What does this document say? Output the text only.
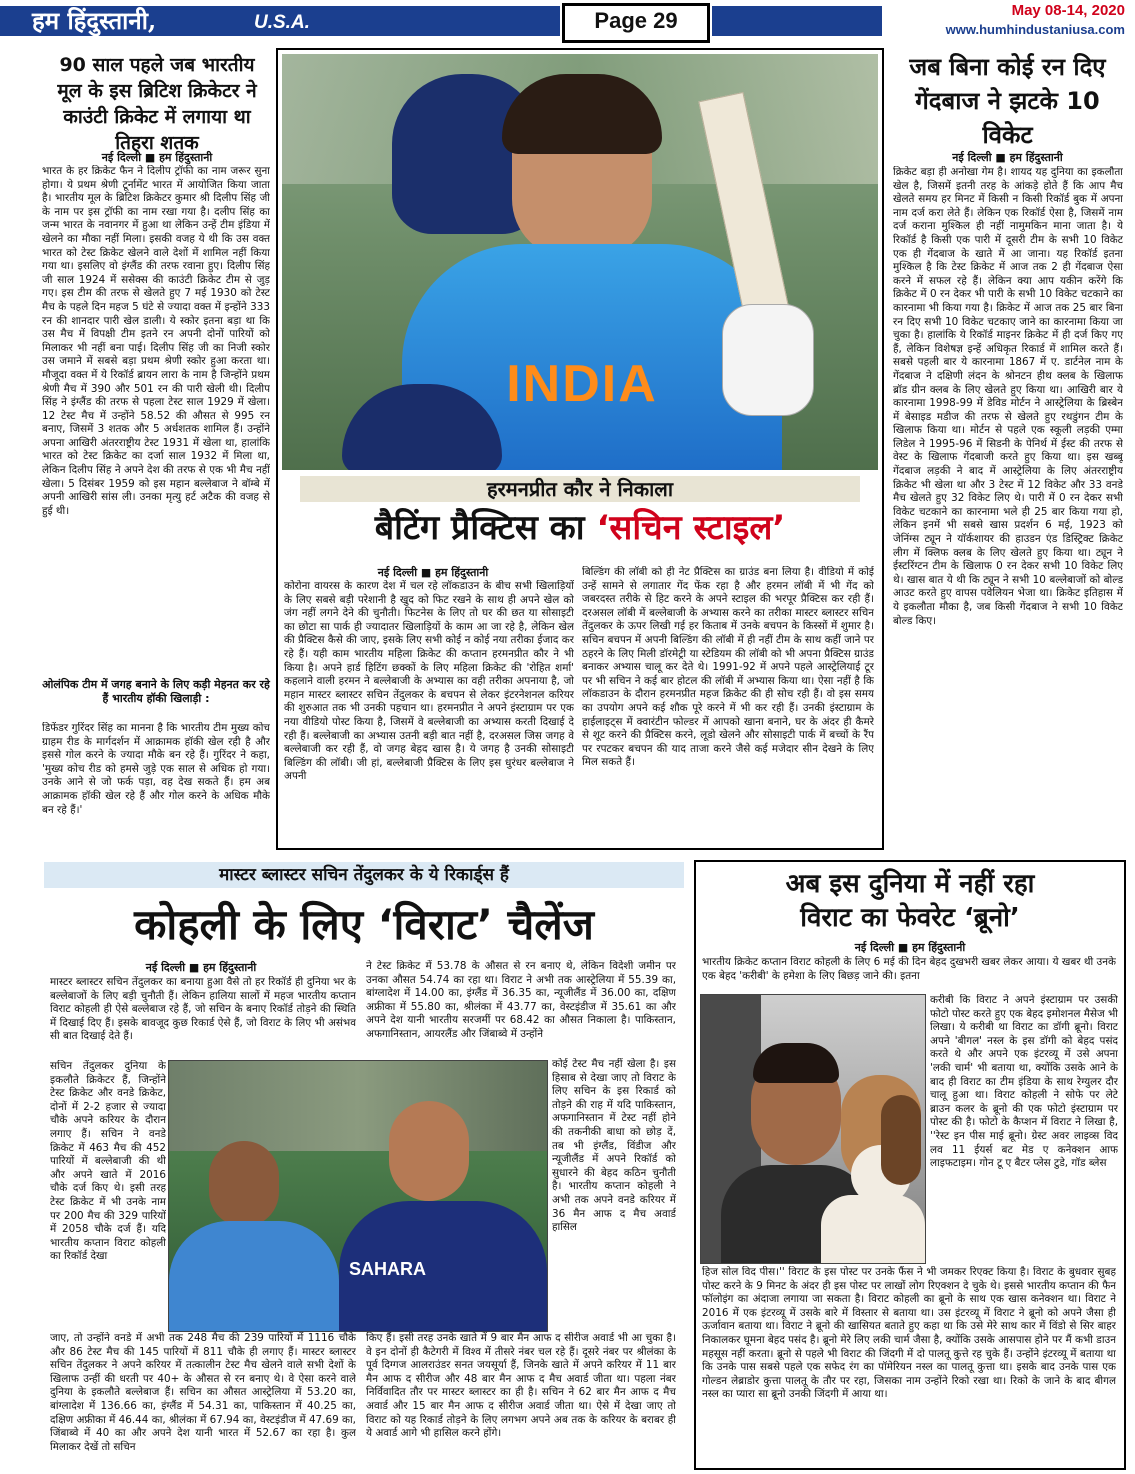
हम हिंदुस्तानी,	U.S.A.	Page 29	May 08-14, 2020
www.humhindustaniusa.com
90 साल पहले जब भारतीय मूल के इस ब्रिटिश क्रिकेटर ने काउंटी क्रिकेट में लगाया था तिहरा शतक
नई दिल्ली ■ हम हिंदुस्तानी
भारत के हर क्रिकेट फैन ने दिलीप ट्रॉफी का नाम जरूर सुना होगा। ये प्रथम श्रेणी टूर्नामेंट भारत में आयोजित किया जाता है। भारतीय मूल के ब्रिटिश क्रिकेटर कुमार श्री दिलीप सिंह जी के नाम पर इस ट्रॉफी का नाम रखा गया है। दलीप सिंह का जन्म भारत के नवानगर में हुआ था लेकिन उन्हें टीम इंडिया में खेलने का मौका नहीं मिला। इसकी वजह ये थी कि उस वक्त भारत को टेस्ट क्रिकेट खेलने वाले देशों में शामिल नहीं किया गया था। इसलिए वो इंग्लैंड की तरफ रवाना हुए। दिलीप सिंह जी साल 1924 में ससेक्स की काउंटी क्रिकेट टीम से जुड़ गए। इस टीम की तरफ से खेलते हुए 7 मई 1930 को टेस्ट मैच के पहले दिन महज 5 घंटे से ज्यादा वक्त में इन्होंने 333 रन की शानदार पारी खेल डाली। ये स्कोर इतना बड़ा था कि उस मैच में विपक्षी टीम इतने रन अपनी दोनों पारियों को मिलाकर भी नहीं बना पाई। दिलीप सिंह जी का निजी स्कोर उस जमाने में सबसे बड़ा प्रथम श्रेणी स्कोर हुआ करता था। मौजूदा वक्त में ये रिकॉर्ड ब्रायन लारा के नाम है जिन्होंने प्रथम श्रेणी मैच में 390 और 501 रन की पारी खेली थी। दिलीप सिंह ने इंग्लैंड की तरफ से पहला टेस्ट साल 1929 में खेला। 12 टेस्ट मैच में उन्होंने 58.52 की औसत से 995 रन बनाए, जिसमें 3 शतक और 5 अर्धशतक शामिल हैं। उन्होंने अपना आखिरी अंतरराष्ट्रीय टेस्ट 1931 में खेला था, हालांकि भारत को टेस्ट क्रिकेट का दर्जा साल 1932 में मिला था, लेकिन दिलीप सिंह ने अपने देश की तरफ से एक भी मैच नहीं खेला। 5 दिसंबर 1959 को इस महान बल्लेबाज ने बॉम्बे में अपनी आखिरी सांस ली। उनका मृत्यु हर्ट अटैक की वजह से हुई थी।
ओलंपिक टीम में जगह बनाने के लिए कड़ी मेहनत कर रहे हैं भारतीय हॉकी खिलाड़ी :
डिफेंडर गुरिंदर सिंह का मानना है कि भारतीय टीम मुख्य कोच ग्राहम रीड के मार्गदर्शन में आक्रामक हॉकी खेल रही है और इससे गोल करने के ज्यादा मौके बन रहे हैं। गुरिंदर ने कहा, 'मुख्य कोच रीड को हमसे जुड़े एक साल से अधिक हो गया। उनके आने से जो फर्क पड़ा, वह देख सकते हैं। हम अब आक्रामक हॉकी खेल रहे हैं और गोल करने के अधिक मौके बन रहे हैं।'
INDIA
हरमनप्रीत कौर ने निकाला
बैटिंग प्रैक्टिस का ‘सचिन स्टाइल’
नई दिल्ली ■ हम हिंदुस्तानी
कोरोना वायरस के कारण देश में चल रहे लॉकडाउन के बीच सभी खिलाड़ियों के लिए सबसे बड़ी परेशानी है खुद को फिट रखने के साथ ही अपने खेल को जंग नहीं लगने देने की चुनौती। फिटनेस के लिए तो घर की छत या सोसाइटी का छोटा सा पार्क ही ज्यादातर खिलाड़ियों के काम आ जा रहे है, लेकिन खेल की प्रैक्टिस कैसे की जाए, इसके लिए सभी कोई न कोई नया तरीका ईजाद कर रहे हैं। यही काम भारतीय महिला क्रिकेट की कप्तान हरमनप्रीत कौर ने भी किया है। अपने हार्ड हिटिंग छक्कों के लिए महिला क्रिकेट की 'रोहित शर्मा' कहलाने वाली हरमन ने बल्लेबाजी के अभ्यास का वही तरीका अपनाया है, जो महान मास्टर ब्लास्टर सचिन तेंदुलकर के बचपन से लेकर इंटरनेशनल करियर की शुरुआत तक भी उनकी पहचान था। हरमनप्रीत ने अपने इंस्टाग्राम पर एक नया वीडियो पोस्ट किया है, जिसमें वे बल्लेबाजी का अभ्यास करती दिखाई दे रही हैं। बल्लेबाजी का अभ्यास उतनी बड़ी बात नहीं है, दरअसल जिस जगह वे बल्लेबाजी कर रही हैं, वो जगह बेहद खास है। ये जगह है उनकी सोसाइटी बिल्डिंग की लॉबी। जी हां, बल्लेबाजी प्रैक्टिस के लिए इस धुरंधर बल्लेबाज ने अपनी
बिल्डिंग की लॉबी को ही नेट प्रैक्टिस का ग्राउंड बना लिया है। वीडियो में कोई उन्हें सामने से लगातार गेंद फेंक रहा है और हरमन लॉबी में भी गेंद को जबरदस्त तरीके से हिट करने के अपने स्टाइल की भरपूर प्रैक्टिस कर रही हैं। दरअसल लॉबी में बल्लेबाजी के अभ्यास करने का तरीका मास्टर ब्लास्टर सचिन तेंदुलकर के ऊपर लिखी गई हर किताब में उनके बचपन के किस्सों में शुमार है। सचिन बचपन में अपनी बिल्डिंग की लॉबी में ही नहीं टीम के साथ कहीं जाने पर ठहरने के लिए मिली डॉरमेट्री या स्टेडियम की लॉबी को भी अपना प्रैक्टिस ग्राउंड बनाकर अभ्यास चालू कर देते थे। 1991-92 में अपने पहले आस्ट्रेलियाई टूर पर भी सचिन ने कई बार होटल की लॉबी में अभ्यास किया था। ऐसा नहीं है कि लॉकडाउन के दौरान हरमनप्रीत महज क्रिकेट की ही सोच रही हैं। वो इस समय का उपयोग अपने कई शौक पूरे करने में भी कर रही हैं। उनकी इंस्टाग्राम के हाईलाइट्स में क्वारंटीन फोल्डर में आपको खाना बनाने, घर के अंदर ही कैमरे से शूट करने की प्रैक्टिस करने, लूडो खेलने और सोसाइटी पार्क में बच्चों के रैंप पर रपटकर बचपन की याद ताजा करने जैसे कई मजेदार सीन देखने के लिए मिल सकते हैं।
जब बिना कोई रन दिए गेंदबाज ने झटके 10 विकेट
नई दिल्ली ■ हम हिंदुस्तानी
क्रिकेट बड़ा ही अनोखा गेम है। शायद यह दुनिया का इकलौता खेल है, जिसमें इतनी तरह के आंकड़े होते हैं कि आप मैच खेलते समय हर मिनट में किसी न किसी रिकॉर्ड बुक में अपना नाम दर्ज करा लेते हैं। लेकिन एक रिकॉर्ड ऐसा है, जिसमें नाम दर्ज कराना मुश्किल ही नहीं नामुमकिन माना जाता है। ये रिकॉर्ड है किसी एक पारी में दूसरी टीम के सभी 10 विकेट एक ही गेंदबाज के खाते में आ जाना। यह रिकॉर्ड इतना मुश्किल है कि टेस्ट क्रिकेट में आज तक 2 ही गेंदबाज ऐसा करने में सफल रहे हैं। लेकिन क्या आप यकीन करेंगे कि क्रिकेट में 0 रन देकर भी पारी के सभी 10 विकेट चटकाने का कारनामा भी किया गया है। क्रिकेट में आज तक 25 बार बिना रन दिए सभी 10 विकेट चटकाए जाने का कारनामा किया जा चुका है। हालांकि ये रिकॉर्ड माइनर क्रिकेट में ही दर्ज किए गए हैं, लेकिन विशेषज्ञ इन्हें अधिकृत रिकार्ड में शामिल करते हैं। सबसे पहली बार ये कारनामा 1867 में ए. डार्टनेल नाम के गेंदबाज ने दक्षिणी लंदन के श्रोनटन हीथ क्लब के खिलाफ ब्रॉड ग्रीन क्लब के लिए खेलते हुए किया था। आखिरी बार ये कारनामा 1998-99 में डेविड मोर्टन ने आस्ट्रेलिया के ब्रिस्बेन में बेसाइड मडीज की तरफ से खेलते हुए रथडुंगन टीम के खिलाफ किया था। मोर्टन से पहले एक स्कूली लड़की एम्मा लिडेल ने 1995-96 में सिडनी के पेनिर्थ में ईस्ट की तरफ से वेस्ट के खिलाफ गेंदबाजी करते हुए किया था। इस खब्बू गेंदबाज लड़की ने बाद में आस्ट्रेलिया के लिए अंतरराष्ट्रीय क्रिकेट भी खेला था और 3 टेस्ट में 12 विकेट और 33 वनडे मैच खेलते हुए 32 विकेट लिए थे। पारी में 0 रन देकर सभी विकेट चटकाने का कारनामा भले ही 25 बार किया गया हो, लेकिन इनमें भी सबसे खास प्रदर्शन 6 मई, 1923 को जेनिंग्स ट्यून ने यॉर्कशायर की हाउडन एंड डिस्ट्रिक्ट क्रिकेट लीग में क्लिफ क्लब के लिए खेलते हुए किया था। ट्यून ने ईस्टरिंग्टन टीम के खिलाफ 0 रन देकर सभी 10 विकेट लिए थे। खास बात ये थी कि ट्यून ने सभी 10 बल्लेबाजों को बोल्ड आउट करते हुए वापस पवेलियन भेजा था। क्रिकेट इतिहास में ये इकलौता मौका है, जब किसी गेंदबाज ने सभी 10 विकेट बोल्ड किए।
मास्टर ब्लास्टर सचिन तेंदुलकर के ये रिकार्ड्स हैं
कोहली के लिए ‘विराट’ चैलेंज
नई दिल्ली ■ हम हिंदुस्तानी
मास्टर ब्लास्टर सचिन तेंदुलकर का बनाया हुआ वैसे तो हर रिकॉर्ड ही दुनिया भर के बल्लेबाजों के लिए बड़ी चुनौती हैं। लेकिन हालिया सालों में महज भारतीय कप्तान विराट कोहली ही ऐसे बल्लेबाज रहे हैं, जो सचिन के बनाए रिकॉर्ड तोड़ने की स्थिति में दिखाई दिए हैं। इसके बावजूद कुछ रिकार्ड ऐसे हैं, जो विराट के लिए भी असंभव सी बात दिखाई देते हैं।
ने टेस्ट क्रिकेट में 53.78 के औसत से रन बनाए थे, लेकिन विदेशी जमीन पर उनका औसत 54.74 का रहा था। विराट ने अभी तक आस्ट्रेलिया में 55.39 का, बांग्लादेश में 14.00 का, इंग्लैंड में 36.35 का, न्यूजीलैंड में 36.00 का, दक्षिण अफ्रीका में 55.80 का, श्रीलंका में 43.77 का, वेस्टइंडीज में 35.61 का और अपने देश यानी भारतीय सरजमीं पर 68.42 का औसत निकाला है। पाकिस्तान, अफगानिस्तान, आयरलैंड और जिंबाब्वे में उन्होंने
सचिन तेंदुलकर दुनिया के इकलौते क्रिकेटर हैं, जिन्होंने टेस्ट क्रिकेट और वनडे क्रिकेट, दोनों में 2-2 हजार से ज्यादा चौके अपने करियर के दौरान लगाए हैं। सचिन ने वनडे क्रिकेट में 463 मैच की 452 पारियों में बल्लेबाजी की थी और अपने खाते में 2016 चौके दर्ज किए थे। इसी तरह टेस्ट क्रिकेट में भी उनके नाम पर 200 मैच की 329 पारियों में 2058 चौके दर्ज हैं। यदि भारतीय कप्तान विराट कोहली का रिकॉर्ड देखा
SAHARA
कोई टेस्ट मैच नहीं खेला है। इस हिसाब से देखा जाए तो विराट के लिए सचिन के इस रिकार्ड को तोड़ने की राह में यदि पाकिस्तान, अफगानिस्तान में टेस्ट नहीं होने की तकनीकी बाधा को छोड़ दें, तब भी इंग्लैंड, विंडीज और न्यूजीलैंड में अपने रिकॉर्ड को सुधारने की बेहद कठिन चुनौती है। भारतीय कप्तान कोहली ने अभी तक अपने वनडे करियर में 36 मैन आफ द मैच अवार्ड हासिल
जाए, तो उन्होंने वनडे में अभी तक 248 मैच की 239 पारियों में 1116 चौके और 86 टेस्ट मैच की 145 पारियों में 811 चौके ही लगाए हैं। मास्टर ब्लास्टर सचिन तेंदुलकर ने अपने करियर में तत्कालीन टेस्ट मैच खेलने वाले सभी देशों के खिलाफ उन्हीं की धरती पर 40+ के औसत से रन बनाए थे। वे ऐसा करने वाले दुनिया के इकलौते बल्लेबाज हैं। सचिन का औसत आस्ट्रेलिया में 53.20 का, बांग्लादेश में 136.66 का, इंग्लैंड में 54.31 का, पाकिस्तान में 40.25 का, दक्षिण अफ्रीका में 46.44 का, श्रीलंका में 67.94 का, वेस्टइंडीज में 47.69 का, जिंबाब्वे में 40 का और अपने देश यानी भारत में 52.67 का रहा है। कुल मिलाकर देखें तो सचिन
किए हैं। इसी तरह उनके खाते में 9 बार मैन आफ द सीरीज अवार्ड भी आ चुका है। वे इन दोनों ही कैटेगरी में विश्व में तीसरे नंबर चल रहे हैं। दूसरे नंबर पर श्रीलंका के पूर्व दिग्गज आलराउंडर सनत जयसूर्या हैं, जिनके खाते में अपने करियर में 11 बार मैन आफ द सीरीज और 48 बार मैन आफ द मैच अवार्ड जीता था। पहला नंबर निर्विवादित तौर पर मास्टर ब्लास्टर का ही है। सचिन ने 62 बार मैन आफ द मैच अवार्ड और 15 बार मैन आफ द सीरीज अवार्ड जीता था। ऐसे में देखा जाए तो विराट को यह रिकार्ड तोड़ने के लिए लगभग अपने अब तक के करियर के बराबर ही ये अवार्ड आगे भी हासिल करने होंगे।
अब इस दुनिया में नहीं रहा
विराट का फेवरेट ‘ब्रूनो’
नई दिल्ली ■ हम हिंदुस्तानी
भारतीय क्रिकेट कप्तान विराट कोहली के लिए 6 मई की दिन बेहद दुखभरी खबर लेकर आया। ये खबर थी उनके एक बेहद 'करीबी' के हमेशा के लिए बिछड़ जाने की। इतना
करीबी कि विराट ने अपने इंस्टाग्राम पर उसकी फोटो पोस्ट करते हुए एक बेहद इमोशनल मैसेज भी लिखा। ये करीबी था विराट का डॉगी ब्रूनो। विराट अपने 'बीगल' नस्ल के इस डॉगी को बेहद पसंद करते थे और अपने एक इंटरव्यू में उसे अपना 'लकी चार्म' भी बताया था, क्योंकि उसके आने के बाद ही विराट का टीम इंडिया के साथ रेग्युलर दौर चालू हुआ था। विराट कोहली ने सोफे पर लेटे ब्राउन कलर के ब्रूनो की एक फोटो इंस्टाग्राम पर पोस्ट की है। फोटो के कैप्शन में विराट ने लिखा है, ''रेस्ट इन पीस माई ब्रूनो। ग्रेस्ट अवर लाइव्स विद लव 11 ईयर्स बट मेड ए कनेक्शन आफ लाइफटाइम। गोन टू ए बैटर प्लेस टुडे, गॉड ब्लेस
हिज सोल विद पीस।'' विराट के इस पोस्ट पर उनके फैंस ने भी जमकर रिएक्ट किया है। विराट के बुधवार सुबह पोस्ट करने के 9 मिनट के अंदर ही इस पोस्ट पर लाखों लोग रिएक्शन दे चुके थे। इससे भारतीय कप्तान की फैन फॉलोइंग का अंदाजा लगाया जा सकता है। विराट कोहली का ब्रूनो के साथ एक खास कनेक्शन था। विराट ने 2016 में एक इंटरव्यू में उसके बारे में विस्तार से बताया था। उस इंटरव्यू में विराट ने ब्रूनो को अपने जैसा ही ऊर्जावान बताया था। विराट ने ब्रूनो की खासियत बताते हुए कहा था कि उसे मेरे साथ कार में विंडो से सिर बाहर निकालकर घूमना बेहद पसंद है। ब्रूनो मेरे लिए लकी चार्म जैसा है, क्योंकि उसके आसपास होने पर मैं कभी डाउन महसूस नहीं करता। ब्रूनो से पहले भी विराट की जिंदगी में दो पालतू कुत्ते रह चुके हैं। उन्होंने इंटरव्यू में बताया था कि उनके पास सबसे पहले एक सफेद रंग का पॉमेरियन नस्ल का पालतू कुत्ता था। इसके बाद उनके पास एक गोल्डन लेब्राडोर कुत्ता पालतू के तौर पर रहा, जिसका नाम उन्होंने रिको रखा था। रिको के जाने के बाद बीगल नस्ल का प्यारा सा ब्रूनो उनकी जिंदगी में आया था।
